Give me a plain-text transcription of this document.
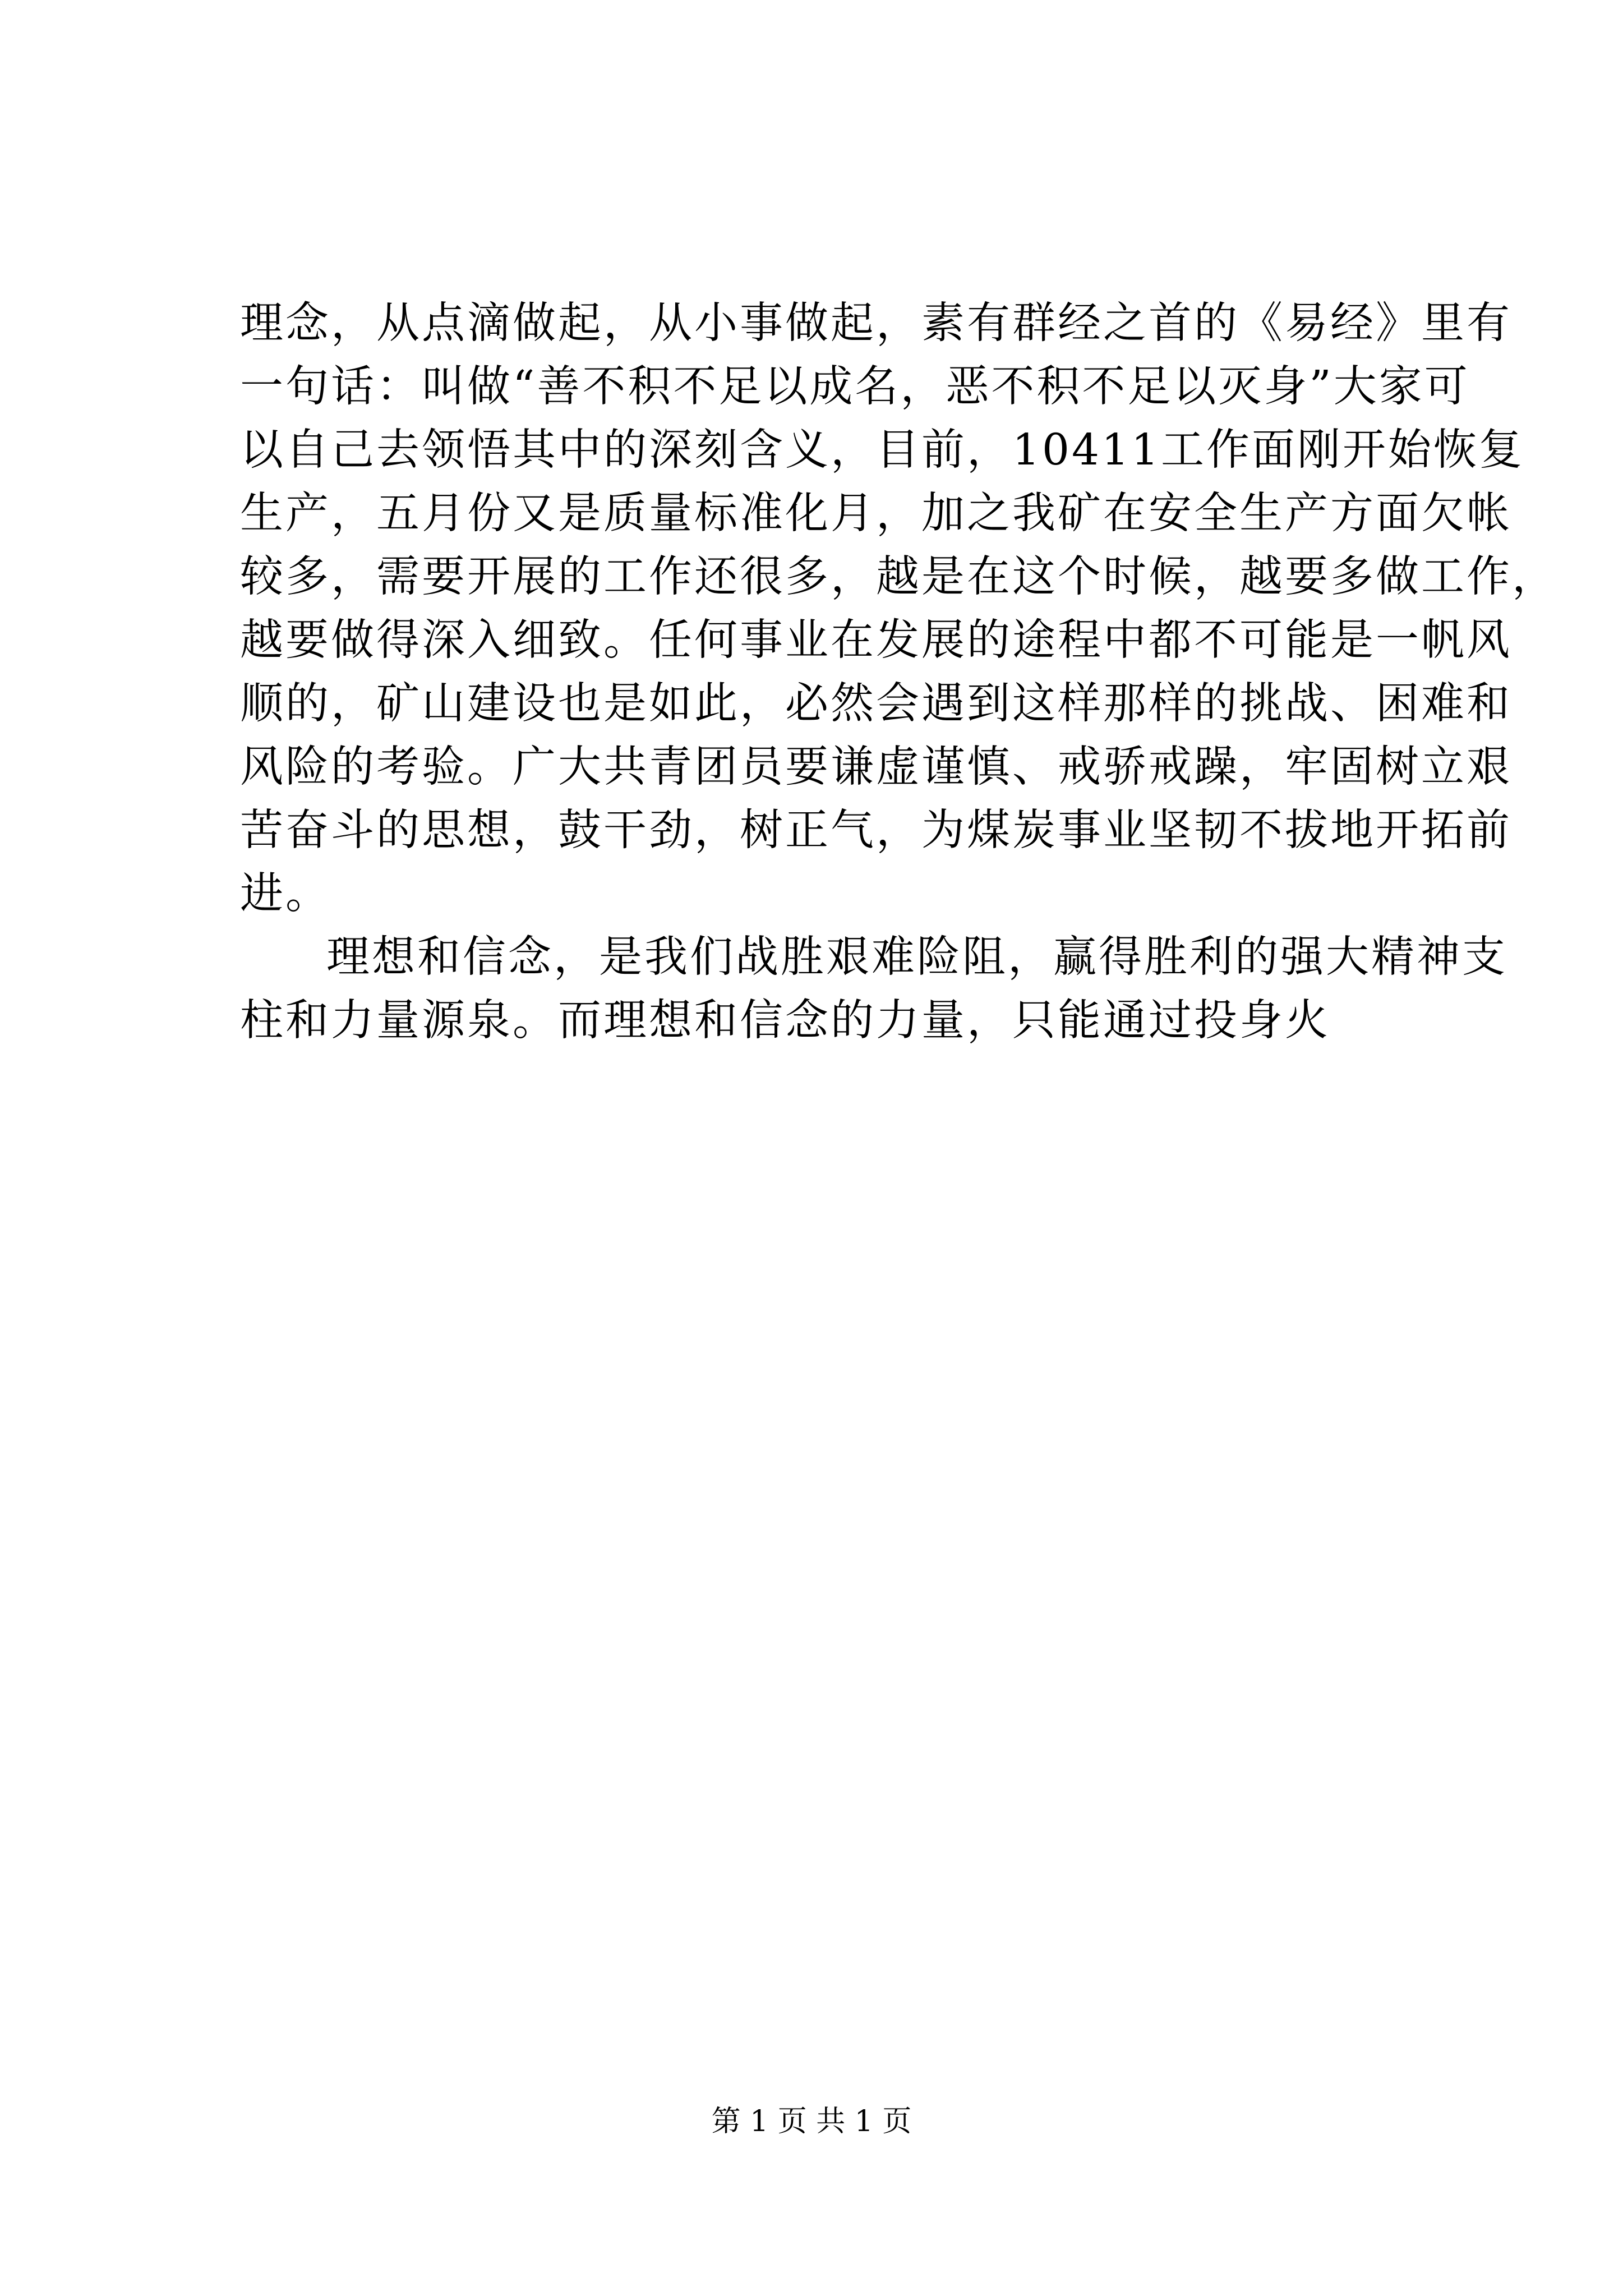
理念，从点滴做起，从小事做起，素有群经之首的《易经》里有
一句话：叫做“善不积不足以成名，恶不积不足以灭身”大家可
以自己去领悟其中的深刻含义，目前，10411工作面刚开始恢复
生产，五月份又是质量标准化月，加之我矿在安全生产方面欠帐
较多，需要开展的工作还很多，越是在这个时候，越要多做工作，
越要做得深入细致。任何事业在发展的途程中都不可能是一帆风
顺的，矿山建设也是如此，必然会遇到这样那样的挑战、困难和
风险的考验。广大共青团员要谦虚谨慎、戒骄戒躁，牢固树立艰
苦奋斗的思想，鼓干劲，树正气，为煤炭事业坚韧不拔地开拓前
进。
理想和信念，是我们战胜艰难险阻，赢得胜利的强大精神支
柱和力量源泉。而理想和信念的力量，只能通过投身火
第 1 页 共 1 页
